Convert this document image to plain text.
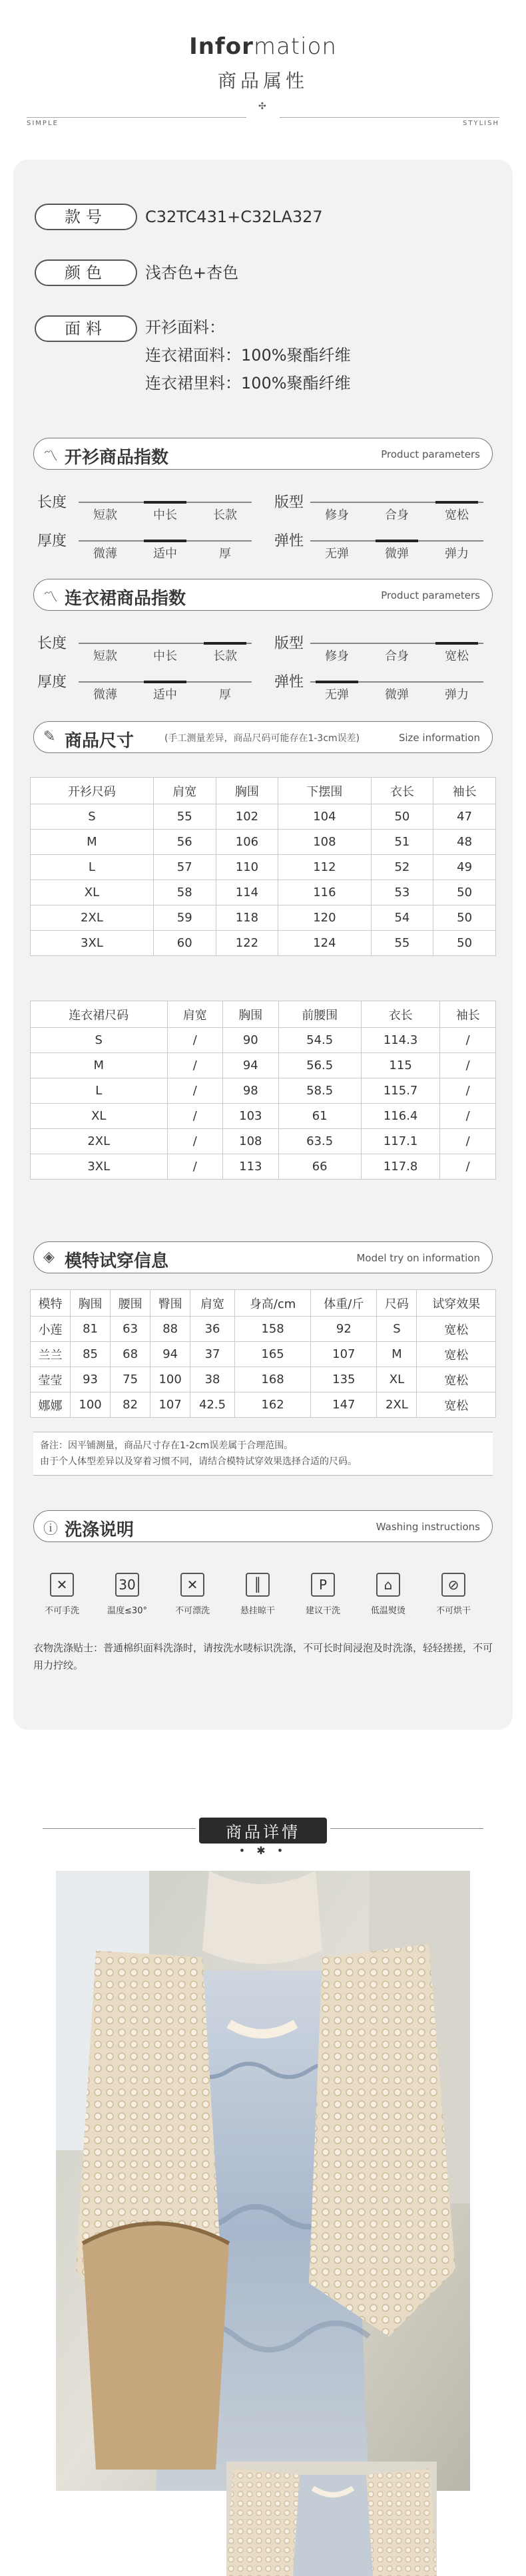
Information
商品属性
✣
SIMPLE	STYLISH
款号	C32TC431+C32LA327
颜色	浅杏色+杏色
面料	开衫面料：
连衣裙面料：100%聚酯纤维
连衣裙里料：100%聚酯纤维
〽 开衫商品指数	Product parameters
长度
短款	中长	长款
厚度
微薄	适中	厚
版型
修身	合身	宽松
弹性
无弹	微弹	弹力
〽 连衣裙商品指数	Product parameters
长度
短款	中长	长款
厚度
微薄	适中	厚
版型
修身	合身	宽松
弹性
无弹	微弹	弹力
✎ 商品尺寸	(手工测量差异，商品尺码可能存在1-3cm误差)	Size information
开衫尺码	肩宽	胸围	下摆围	衣长	袖长
S	55	102	104	50	47
M	56	106	108	51	48
L	57	110	112	52	49
XL	58	114	116	53	50
2XL	59	118	120	54	50
3XL	60	122	124	55	50
连衣裙尺码	肩宽	胸围	前腰围	衣长	袖长
S	/	90	54.5	114.3	/
M	/	94	56.5	115	/
L	/	98	58.5	115.7	/
XL	/	103	61	116.4	/
2XL	/	108	63.5	117.1	/
3XL	/	113	66	117.8	/
◈ 模特试穿信息	Model try on information
模特	胸围	腰围	臀围	肩宽	身高/cm	体重/斤	尺码	试穿效果
小莲	81	63	88	36	158	92	S	宽松
兰兰	85	68	94	37	165	107	M	宽松
莹莹	93	75	100	38	168	135	XL	宽松
娜娜	100	82	107	42.5	162	147	2XL	宽松
备注：因平铺测量，商品尺寸存在1-2cm误差属于合理范围。
由于个人体型差异以及穿着习惯不同，请结合模特试穿效果选择合适的尺码。
ⓘ 洗涤说明	Washing instructions
✕
不可手洗
30
温度≤30°
✕
不可漂洗
║
悬挂晾干
P
建议干洗
⌂
低温熨烫
⊘
不可烘干
衣物洗涤贴士：普通棉织面料洗涤时，请按洗水唛标识洗涤，不可长时间浸泡及时洗涤，轻轻搓搓，不可用力拧绞。
商品详情
• ✱ •
